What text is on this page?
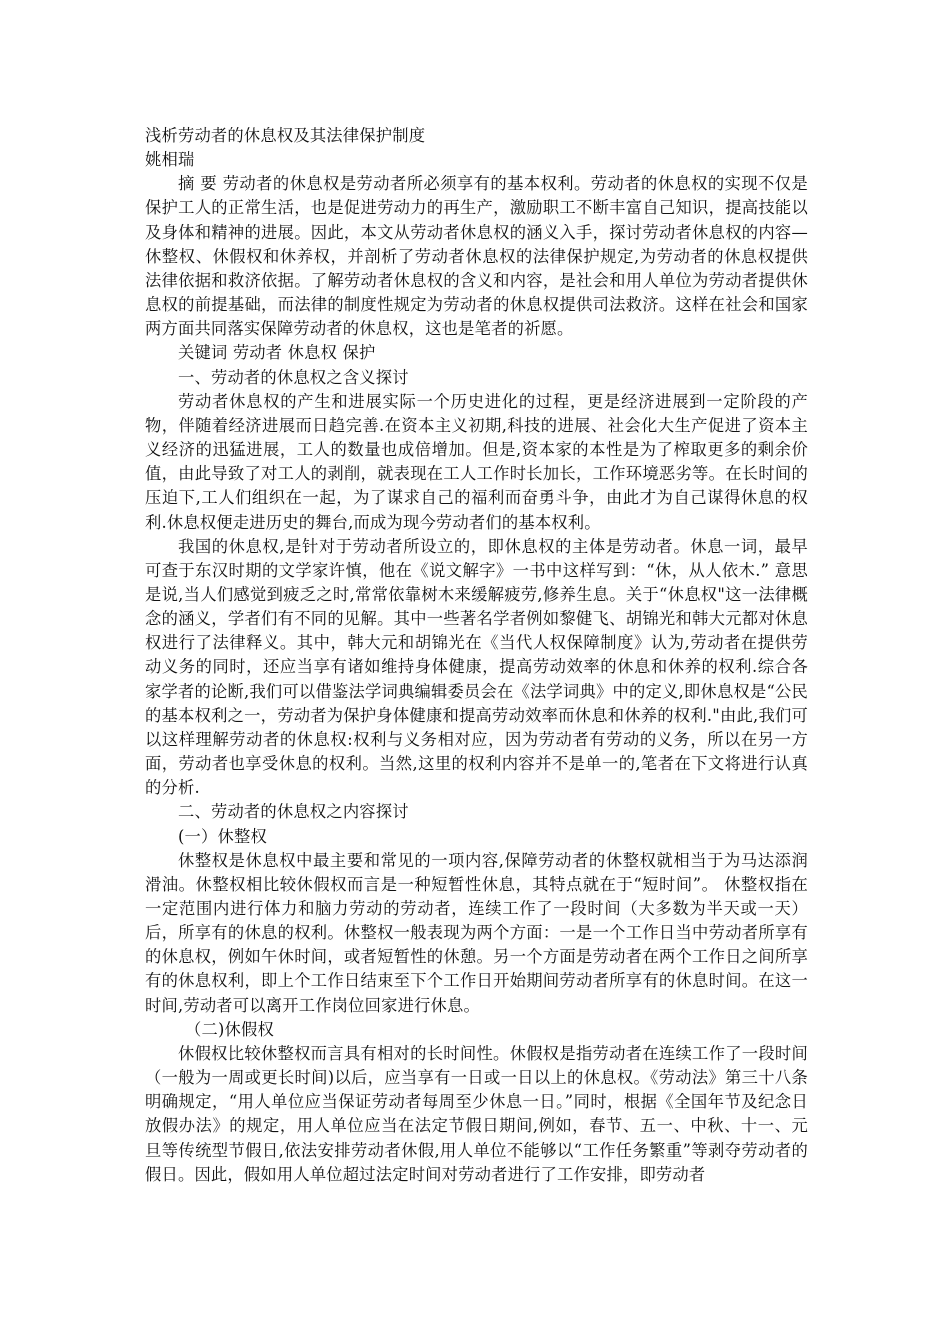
浅析劳动者的休息权及其法律保护制度

姚相瑞

摘 要 劳动者的休息权是劳动者所必须享有的基本权利。劳动者的休息权的实现不仅是保护工人的正常生活，也是促进劳动力的再生产，激励职工不断丰富自己知识，提高技能以及身体和精神的进展。因此，本文从劳动者休息权的涵义入手，探讨劳动者休息权的内容—休整权、休假权和休养权，并剖析了劳动者休息权的法律保护规定,为劳动者的休息权提供法律依据和救济依据。了解劳动者休息权的含义和内容，是社会和用人单位为劳动者提供休息权的前提基础，而法律的制度性规定为劳动者的休息权提供司法救济。这样在社会和国家两方面共同落实保障劳动者的休息权，这也是笔者的祈愿。

关键词 劳动者 休息权 保护

一、劳动者的休息权之含义探讨

劳动者休息权的产生和进展实际一个历史进化的过程，更是经济进展到一定阶段的产物，伴随着经济进展而日趋完善.在资本主义初期,科技的进展、社会化大生产促进了资本主义经济的迅猛进展，工人的数量也成倍增加。但是,资本家的本性是为了榨取更多的剩余价值，由此导致了对工人的剥削，就表现在工人工作时长加长，工作环境恶劣等。在长时间的压迫下,工人们组织在一起，为了谋求自己的福利而奋勇斗争，由此才为自己谋得休息的权利.休息权便走进历史的舞台,而成为现今劳动者们的基本权利。

我国的休息权,是针对于劳动者所设立的，即休息权的主体是劳动者。休息一词，最早可查于东汉时期的文学家许慎，他在《说文解字》一书中这样写到：“休，从人依木.” 意思是说,当人们感觉到疲乏之时,常常依靠树木来缓解疲劳,修养生息。关于“休息权"这一法律概念的涵义，学者们有不同的见解。其中一些著名学者例如黎健飞、胡锦光和韩大元都对休息权进行了法律释义。其中，韩大元和胡锦光在《当代人权保障制度》认为,劳动者在提供劳动义务的同时，还应当享有诸如维持身体健康，提高劳动效率的休息和休养的权利.综合各家学者的论断,我们可以借鉴法学词典编辑委员会在《法学词典》中的定义,即休息权是“公民的基本权利之一，劳动者为保护身体健康和提高劳动效率而休息和休养的权利."由此,我们可以这样理解劳动者的休息权:权利与义务相对应，因为劳动者有劳动的义务，所以在另一方面，劳动者也享受休息的权利。当然,这里的权利内容并不是单一的,笔者在下文将进行认真的分析.

二、劳动者的休息权之内容探讨

(一）休整权

休整权是休息权中最主要和常见的一项内容,保障劳动者的休整权就相当于为马达添润滑油。休整权相比较休假权而言是一种短暂性休息，其特点就在于“短时间”。 休整权指在一定范围内进行体力和脑力劳动的劳动者，连续工作了一段时间（大多数为半天或一天）后，所享有的休息的权利。休整权一般表现为两个方面：一是一个工作日当中劳动者所享有的休息权，例如午休时间，或者短暂性的休憩。另一个方面是劳动者在两个工作日之间所享有的休息权利，即上个工作日结束至下个工作日开始期间劳动者所享有的休息时间。在这一时间,劳动者可以离开工作岗位回家进行休息。

（二)休假权

休假权比较休整权而言具有相对的长时间性。休假权是指劳动者在连续工作了一段时间（一般为一周或更长时间)以后，应当享有一日或一日以上的休息权。《劳动法》第三十八条明确规定，“用人单位应当保证劳动者每周至少休息一日。”同时，根据《全国年节及纪念日放假办法》的规定，用人单位应当在法定节假日期间,例如，春节、五一、中秋、十一、元旦等传统型节假日,依法安排劳动者休假,用人单位不能够以“工作任务繁重”等剥夺劳动者的假日。因此，假如用人单位超过法定时间对劳动者进行了工作安排，即劳动者
